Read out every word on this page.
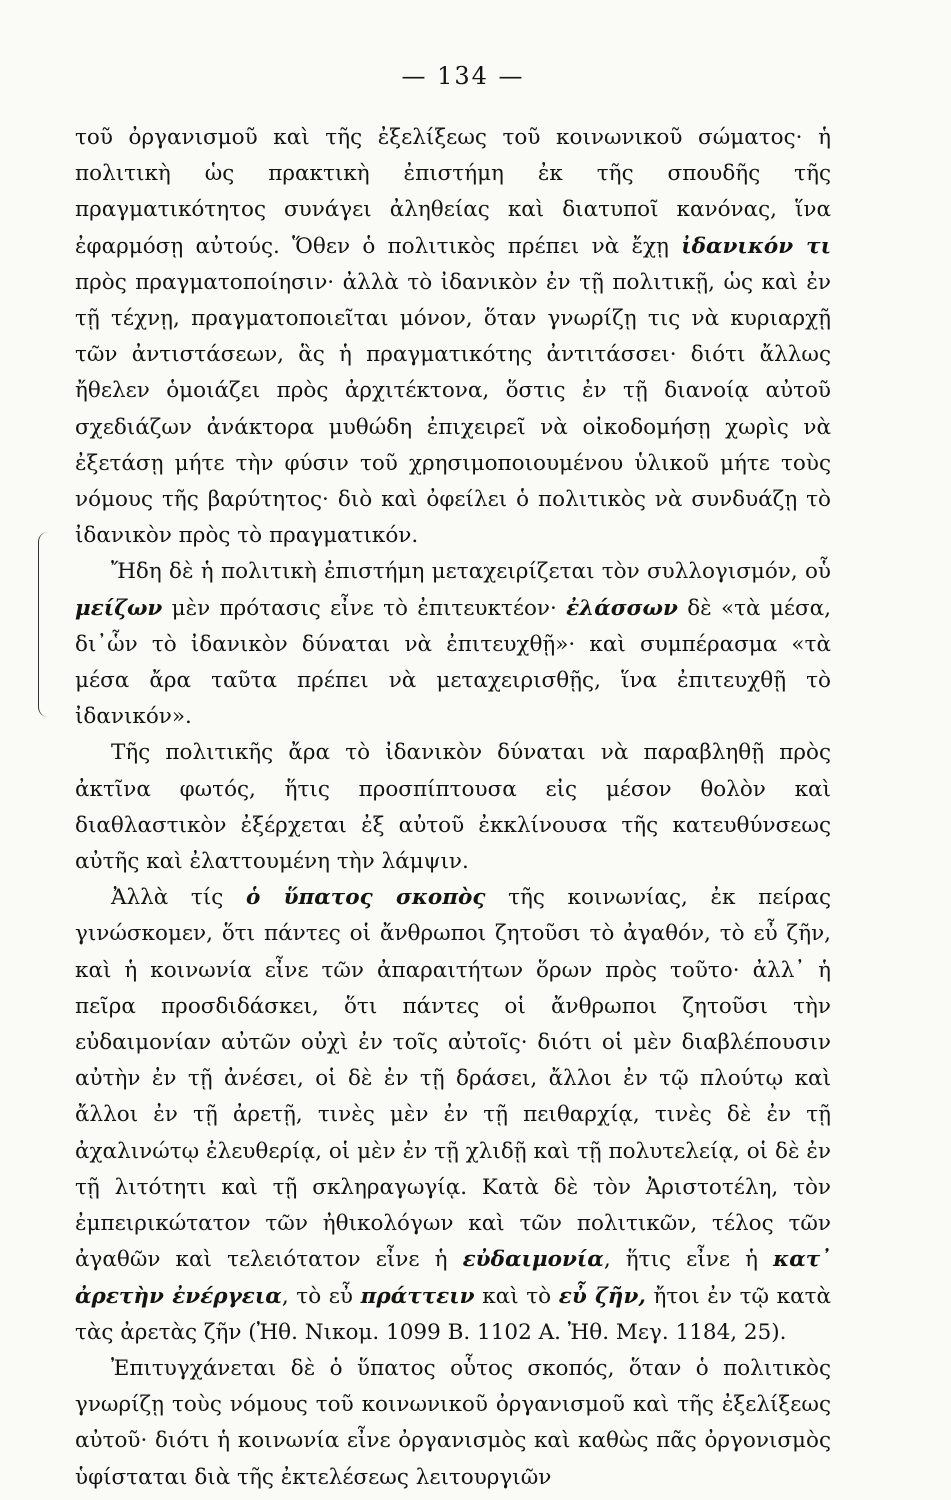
— 134 —

τοῦ ὀργανισμοῦ καὶ τῆς ἐξελίξεως τοῦ κοινωνικοῦ σώματος· ἡ πολιτικὴ ὡς πρακτικὴ ἐπιστήμη ἐκ τῆς σπουδῆς τῆς πραγματικότητος συνάγει ἀληθείας καὶ διατυποῖ κανόνας, ἵνα ἐφαρμόσῃ αὐτούς. Ὅθεν ὁ πολιτικὸς πρέπει νὰ ἔχῃ ἰδανικόν τι πρὸς πραγματοποίησιν· ἀλλὰ τὸ ἰδανικὸν ἐν τῇ πολιτικῇ, ὡς καὶ ἐν τῇ τέχνῃ, πραγματοποιεῖται μόνον, ὅταν γνωρίζῃ τις νὰ κυριαρχῇ τῶν ἀντιστάσεων, ἃς ἡ πραγματικότης ἀντιτάσσει· διότι ἄλλως ἤθελεν ὁμοιάζει πρὸς ἀρχιτέκτονα, ὅστις ἐν τῇ διανοίᾳ αὐτοῦ σχεδιάζων ἀνάκτορα μυθώδη ἐπιχειρεῖ νὰ οἰκοδομήσῃ χωρὶς νὰ ἐξετάσῃ μήτε τὴν φύσιν τοῦ χρησιμοποιουμένου ὑλικοῦ μήτε τοὺς νόμους τῆς βαρύτητος· διὸ καὶ ὀφείλει ὁ πολιτικὸς νὰ συνδυάζῃ τὸ ἰδανικὸν πρὸς τὸ πραγματικόν.

Ἤδη δὲ ἡ πολιτικὴ ἐπιστήμη μεταχειρίζεται τὸν συλλογισμόν, οὗ μείζων μὲν πρότασις εἶνε τὸ ἐπιτευκτέον· ἐλάσσων δὲ «τὰ μέσα, δι᾿ὧν τὸ ἰδανικὸν δύναται νὰ ἐπιτευχθῇ»· καὶ συμπέρασμα «τὰ μέσα ἄρα ταῦτα πρέπει νὰ μεταχειρισθῇς, ἵνα ἐπιτευχθῇ τὸ ἰδανικόν».

Τῆς πολιτικῆς ἄρα τὸ ἰδανικὸν δύναται νὰ παραβληθῇ πρὸς ἀκτῖνα φωτός, ἥτις προσπίπτουσα εἰς μέσον θολὸν καὶ διαθλαστικὸν ἐξέρχεται ἐξ αὐτοῦ ἐκκλίνουσα τῆς κατευθύνσεως αὐτῆς καὶ ἐλαττουμένη τὴν λάμψιν.

Ἀλλὰ τίς ὁ ὕπατος σκοπὸς τῆς κοινωνίας, ἐκ πείρας γινώσκομεν, ὅτι πάντες οἱ ἄνθρωποι ζητοῦσι τὸ ἀγαθόν, τὸ εὖ ζῆν, καὶ ἡ κοινωνία εἶνε τῶν ἀπαραιτήτων ὅρων πρὸς τοῦτο· ἀλλ᾿ ἡ πεῖρα προσδιδάσκει, ὅτι πάντες οἱ ἄνθρωποι ζητοῦσι τὴν εὐδαιμονίαν αὐτῶν οὐχὶ ἐν τοῖς αὐτοῖς· διότι οἱ μὲν διαβλέπουσιν αὐτὴν ἐν τῇ ἀνέσει, οἱ δὲ ἐν τῇ δράσει, ἄλλοι ἐν τῷ πλούτῳ καὶ ἄλλοι ἐν τῇ ἀρετῇ, τινὲς μὲν ἐν τῇ πειθαρχίᾳ, τινὲς δὲ ἐν τῇ ἀχαλινώτῳ ἐλευθερίᾳ, οἱ μὲν ἐν τῇ χλιδῇ καὶ τῇ πολυτελείᾳ, οἱ δὲ ἐν τῇ λιτότητι καὶ τῇ σκληραγωγίᾳ. Κατὰ δὲ τὸν Ἀριστοτέλη, τὸν ἐμπειρικώτατον τῶν ἠθικολόγων καὶ τῶν πολιτικῶν, τέλος τῶν ἀγαθῶν καὶ τελειότατον εἶνε ἡ εὐδαιμονία, ἥτις εἶνε ἡ κατ᾿ ἀρετὴν ἐνέργεια, τὸ εὖ πράττειν καὶ τὸ εὖ ζῆν, ἤτοι ἐν τῷ κατὰ τὰς ἀρετὰς ζῆν (Ἠθ. Νικομ. 1099 Β. 1102 Α. Ἠθ. Μεγ. 1184, 25).

Ἐπιτυγχάνεται δὲ ὁ ὕπατος οὗτος σκοπός, ὅταν ὁ πολιτικὸς γνωρίζῃ τοὺς νόμους τοῦ κοινωνικοῦ ὀργανισμοῦ καὶ τῆς ἐξελίξεως αὐτοῦ· διότι ἡ κοινωνία εἶνε ὀργανισμὸς καὶ καθὼς πᾶς ὀργονισμὸς ὑφίσταται διὰ τῆς ἐκτελέσεως λειτουργιῶν
